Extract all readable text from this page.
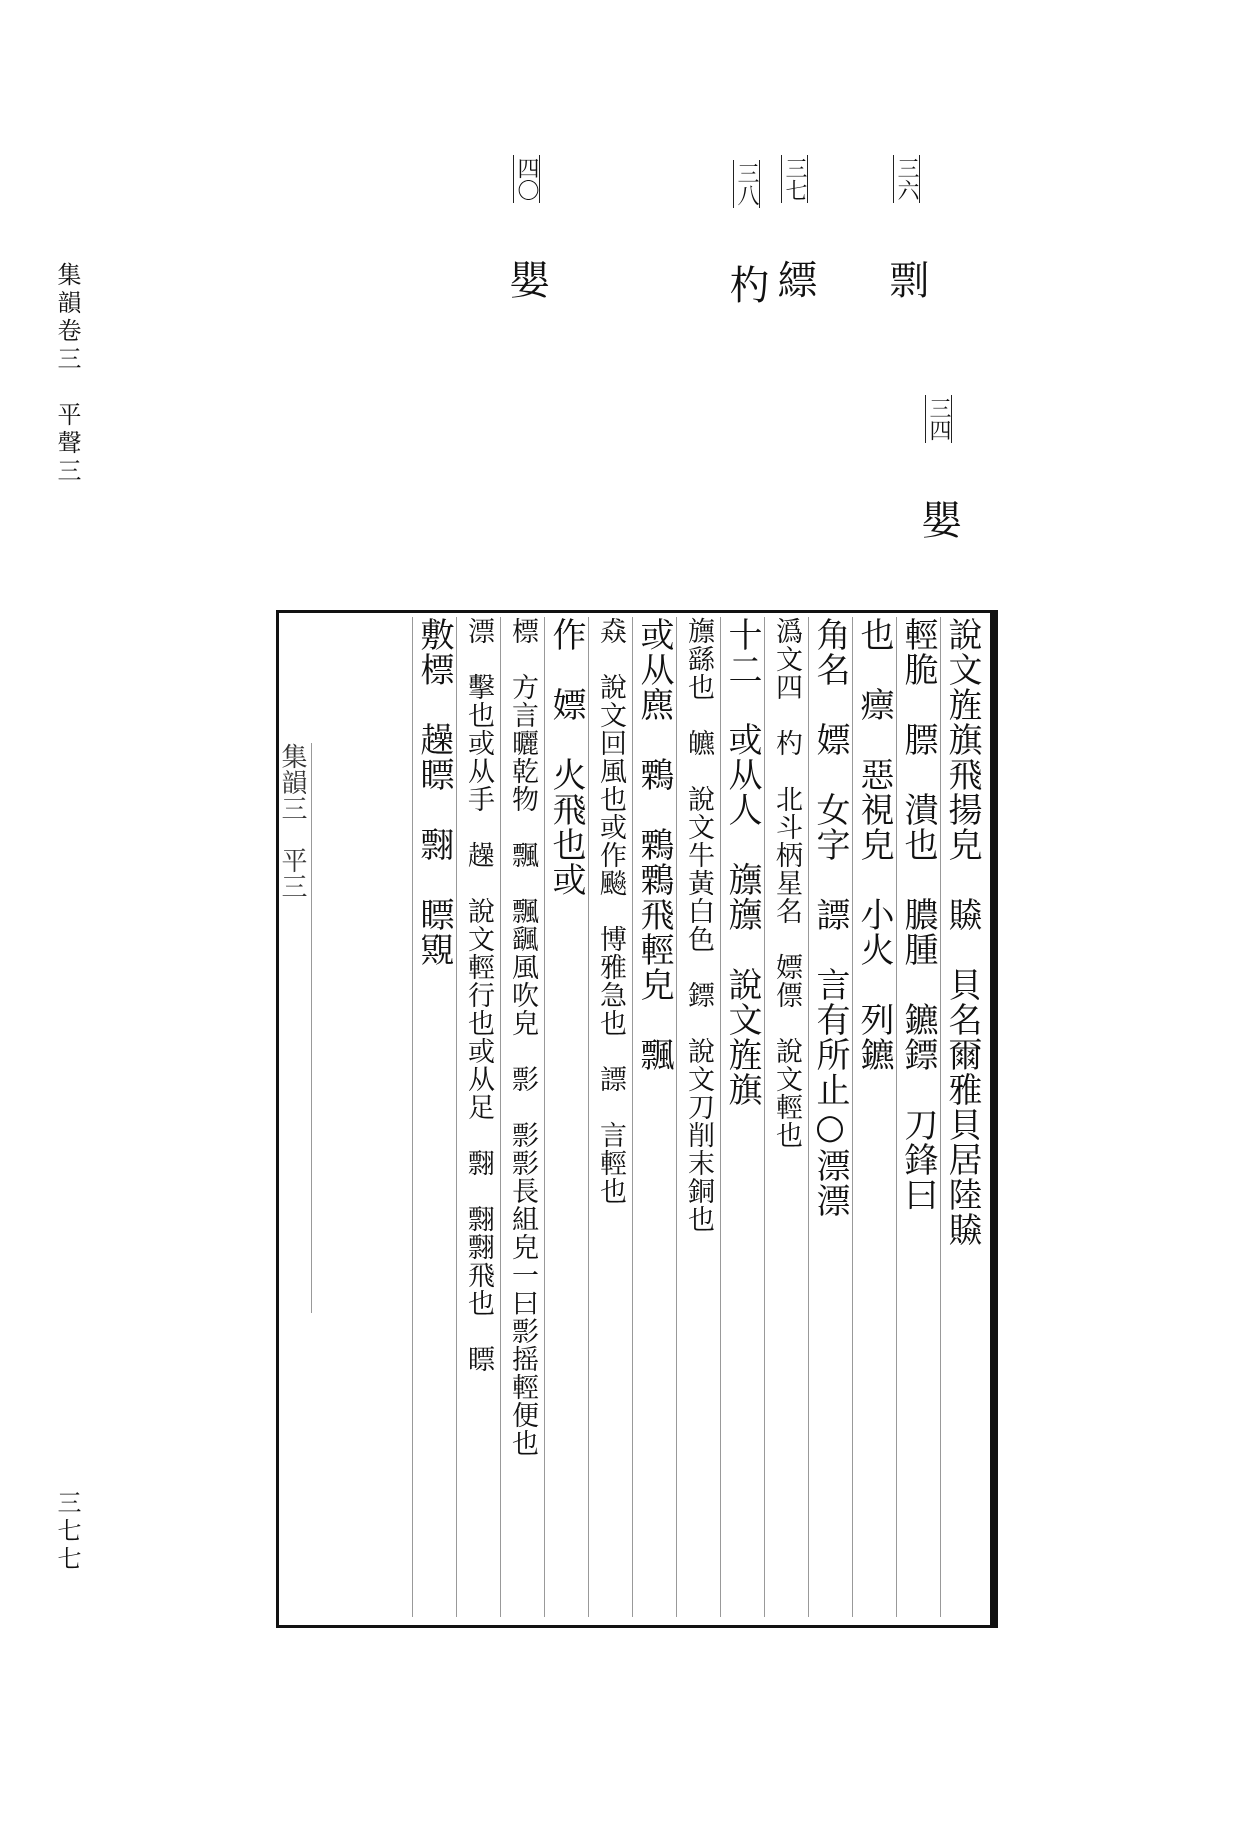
集韻卷三　平聲三
三七七
三六 剽
三七 縹
三八 杓
四〇 嬰
三四 嬰
集韻三　平三	說文旌旗飛揚皃　贆　貝名爾雅貝居陸贆
輕脆　膘　潰也　膿腫　鑣鏢　刀鋒曰
也　瘭　惡視皃　小火　列鑣
角名　嫖　女字　謤　言有所止○漂漂
潙文四　杓　北斗柄星名　嫖僄　說文輕也
十二　或从人　旚旚　說文旌旗
旚繇也　皫　說文牛黃白色　鏢　說文刀削末銅也
或从麃　鷅　鷅鷅飛輕皃　飄
猋　說文回風也或作飈　博雅急也　謤　言輕也
作　嫖　火飛也或
標　方言曬乾物　飄　飄颻風吹皃　彯　彯彯長組皃一曰彯摇輕便也
漂　擊也或从手　趮　說文輕行也或从足　翲　翲翲飛也　瞟
敷標　趮瞟　翲　瞟覭
